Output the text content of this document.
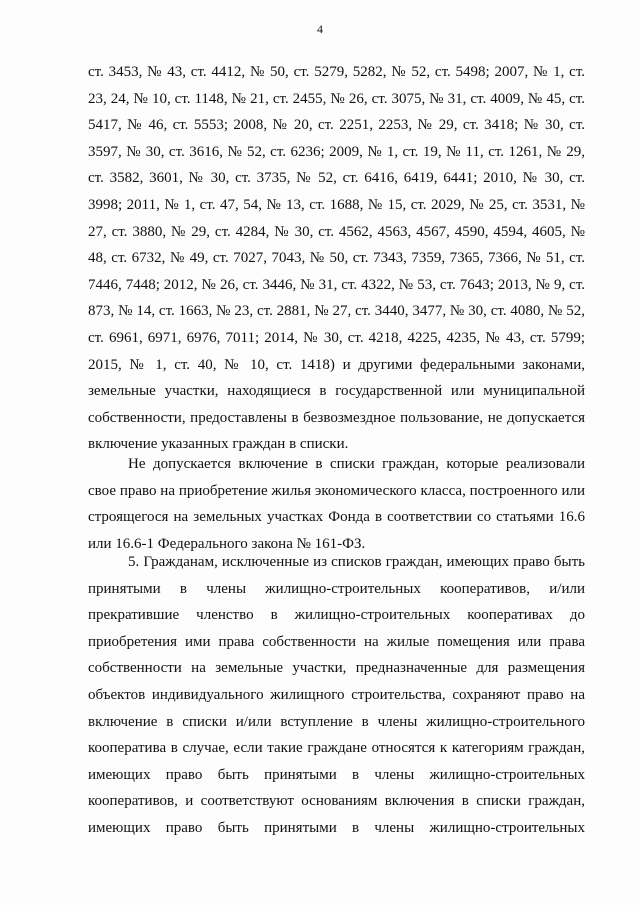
4
ст. 3453, № 43, ст. 4412, № 50, ст. 5279, 5282, № 52, ст. 5498; 2007, № 1, ст.
23, 24, № 10, ст. 1148, № 21, ст. 2455, № 26, ст. 3075, № 31, ст. 4009, № 45, ст.
5417, № 46, ст. 5553; 2008, № 20, ст. 2251, 2253, № 29, ст. 3418; № 30, ст.
3597, № 30, ст. 3616, № 52, ст. 6236; 2009, № 1, ст. 19, № 11, ст. 1261, № 29,
ст. 3582, 3601, № 30, ст. 3735, № 52, ст. 6416, 6419, 6441; 2010, № 30, ст.
3998; 2011, № 1, ст. 47, 54, № 13, ст. 1688, № 15, ст. 2029, № 25, ст. 3531, №
27, ст. 3880, № 29, ст. 4284, № 30, ст. 4562, 4563, 4567, 4590, 4594, 4605, №
48, ст. 6732, № 49, ст. 7027, 7043, № 50, ст. 7343, 7359, 7365, 7366, № 51, ст.
7446, 7448; 2012, № 26, ст. 3446, № 31, ст. 4322, № 53, ст. 7643; 2013, № 9, ст.
873, № 14, ст. 1663, № 23, ст. 2881, № 27, ст. 3440, 3477, № 30, ст. 4080, № 52,
ст. 6961, 6971, 6976, 7011; 2014, № 30, ст. 4218, 4225, 4235, № 43, ст. 5799;
2015, № 1, ст. 40, № 10, ст. 1418) и другими федеральными законами,
земельные участки, находящиеся в государственной или муниципальной
собственности, предоставлены в безвозмездное пользование, не допускается
включение указанных граждан в списки.
Не допускается включение в списки граждан, которые реализовали
свое право на приобретение жилья экономического класса, построенного или
строящегося на земельных участках Фонда в соответствии со статьями 16.6
или 16.6-1 Федерального закона № 161-ФЗ.
5. Гражданам, исключенные из списков граждан, имеющих право быть
принятыми в члены жилищно-строительных кооперативов, и/или
прекратившие членство в жилищно-строительных кооперативах до
приобретения ими права собственности на жилые помещения или права
собственности на земельные участки, предназначенные для размещения
объектов индивидуального жилищного строительства, сохраняют право на
включение в списки и/или вступление в члены жилищно-строительного
кооператива в случае, если такие граждане относятся к категориям граждан,
имеющих право быть принятыми в члены жилищно-строительных
кооперативов, и соответствуют основаниям включения в списки граждан,
имеющих право быть принятыми в члены жилищно-строительных
